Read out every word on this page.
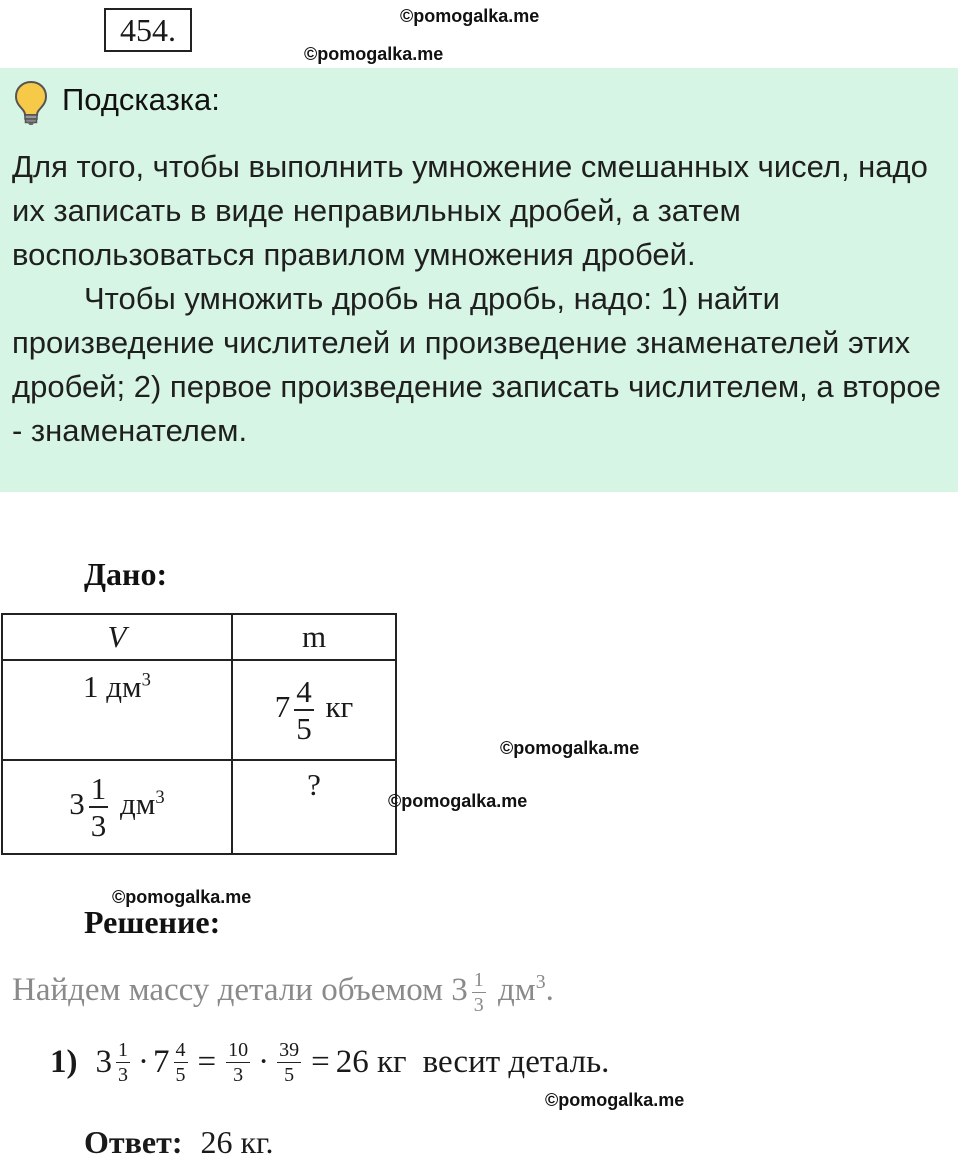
454.	©pomogalka.me
©pomogalka.me
Подсказка:

Для того, чтобы выполнить умножение смешанных чисел, надо их записать в виде неправильных дробей, а затем воспользоваться правилом умножения дробей.

Чтобы умножить дробь на дробь, надо: 1) найти произведение числителей и произведение знаменателей этих дробей; 2) первое произведение записать числителем, а второе - знаменателем.

Дано:
V	m
1 $дм^3$	$7 \frac{4}{5}$ кг
$3 \frac{1}{3} дм^3$	?
©pomogalka.me
©pomogalka.me
©pomogalka.me
Решение:
Найдем массу детали объемом $3 \frac{1}{3} дм^3$.
1) $3 \frac{1}{3} \cdot 7 \frac{4}{5} = \frac{10}{3} \cdot \frac{39}{5} = 26$ кг весит деталь.
©pomogalka.me
Ответ: 26 кг.
